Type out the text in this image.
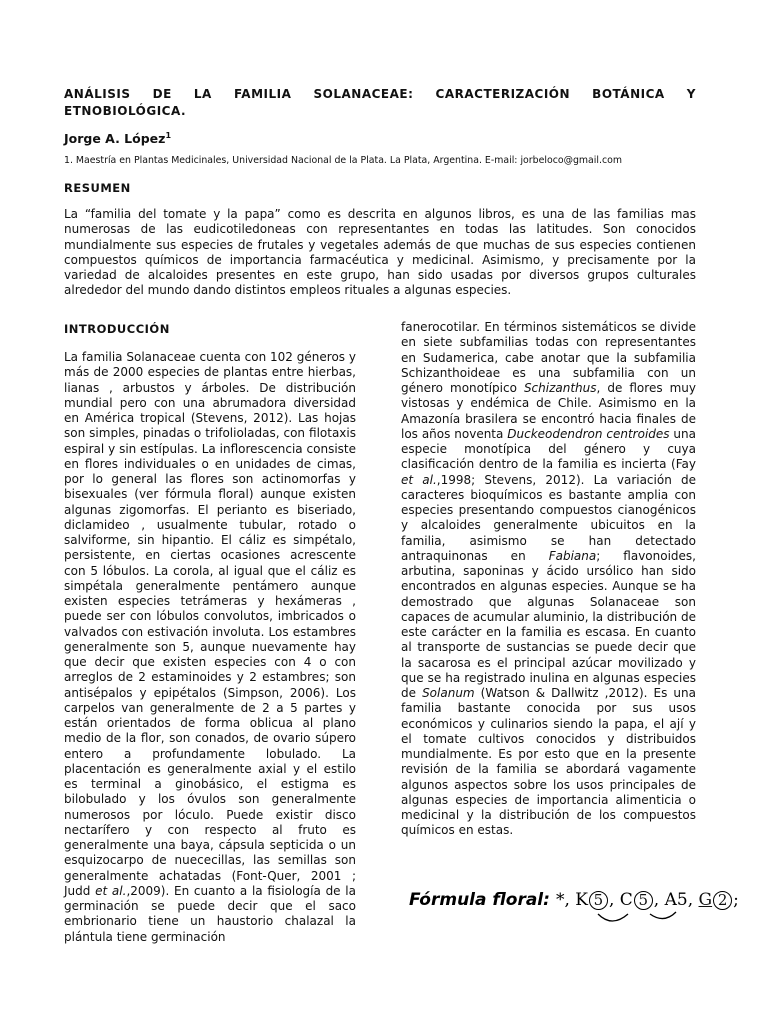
ANÁLISIS DE LA FAMILIA SOLANACEAE: CARACTERIZACIÓN BOTÁNICA Y ETNOBIOLÓGICA.

Jorge A. López$^1$

1. Maestría en Plantas Medicinales, Universidad Nacional de la Plata. La Plata, Argentina. E-mail: jorbeloco@gmail.com

RESUMEN

La “familia del tomate y la papa” como es descrita en algunos libros, es una de las familias mas numerosas de las eudicotiledoneas con representantes en todas las latitudes. Son conocidos mundialmente sus especies de frutales y vegetales además de que muchas de sus especies contienen compuestos químicos de importancia farmacéutica y medicinal. Asimismo, y precisamente por la variedad de alcaloides presentes en este grupo, han sido usadas por diversos grupos culturales alrededor del mundo dando distintos empleos rituales a algunas especies.

INTRODUCCIÓN

La familia Solanaceae cuenta con 102 géneros y más de 2000 especies de plantas entre hierbas, lianas , arbustos y árboles. De distribución mundial pero con una abrumadora diversidad en América tropical (Stevens, 2012). Las hojas son simples, pinadas o trifolioladas, con filotaxis espiral y sin estípulas. La inflorescencia consiste en flores individuales o en unidades de cimas, por lo general las flores son actinomorfas y bisexuales (ver fórmula floral) aunque existen algunas zigomorfas. El perianto es biseriado, diclamideo , usualmente tubular, rotado o salviforme, sin hipantio. El cáliz es simpétalo, persistente, en ciertas ocasiones acrescente con 5 lóbulos. La corola, al igual que el cáliz es simpétala generalmente pentámero aunque existen especies tetrámeras y hexámeras , puede ser con lóbulos convolutos, imbricados o valvados con estivación involuta. Los estambres generalmente son 5, aunque nuevamente hay que decir que existen especies con 4 o con arreglos de 2 estaminoides y 2 estambres; son antisépalos y epipétalos (Simpson, 2006). Los carpelos van generalmente de 2 a 5 partes y están orientados de forma oblicua al plano medio de la flor, son conados, de ovario súpero entero a profundamente lobulado. La placentación es generalmente axial y el estilo es terminal a ginobásico, el estigma es bilobulado y los óvulos son generalmente numerosos por lóculo. Puede existir disco nectarífero y con respecto al fruto es generalmente una baya, cápsula septicida o un esquizocarpo de nuececillas, las semillas son generalmente achatadas (Font-Quer, 2001 ; Judd et al.,2009). En cuanto a la fisiología de la germinación se puede decir que el saco embrionario tiene un haustorio chalazal la plántula tiene germinación

fanerocotilar. En términos sistemáticos se divide en siete subfamilias todas con representantes en Sudamerica, cabe anotar que la subfamilia Schizanthoideae es una subfamilia con un género monotípico Schizanthus, de flores muy vistosas y endémica de Chile. Asimismo en la Amazonía brasilera se encontró hacia finales de los años noventa Duckeodendron centroides una especie monotípica del género y cuya clasificación dentro de la familia es incierta (Fay et al.,1998; Stevens, 2012). La variación de caracteres bioquímicos es bastante amplia con especies presentando compuestos cianogénicos y alcaloides generalmente ubicuitos en la familia, asimismo se han detectado antraquinonas en Fabiana; flavonoides, arbutina, saponinas y ácido ursólico han sido encontrados en algunas especies. Aunque se ha demostrado que algunas Solanaceae son capaces de acumular aluminio, la distribución de este carácter en la familia es escasa. En cuanto al transporte de sustancias se puede decir que la sacarosa es el principal azúcar movilizado y que se ha registrado inulina en algunas especies de Solanum (Watson & Dallwitz ,2012). Es una familia bastante conocida por sus usos económicos y culinarios siendo la papa, el ají y el tomate cultivos conocidos y distribuidos mundialmente. Es por esto que en la presente revisión de la familia se abordará vagamente algunos aspectos sobre los usos principales de algunas especies de importancia alimenticia o medicinal y la distribución de los compuestos químicos en estas.

Fórmula floral: *, K 5 , C 5 , A5, G 2 ;
